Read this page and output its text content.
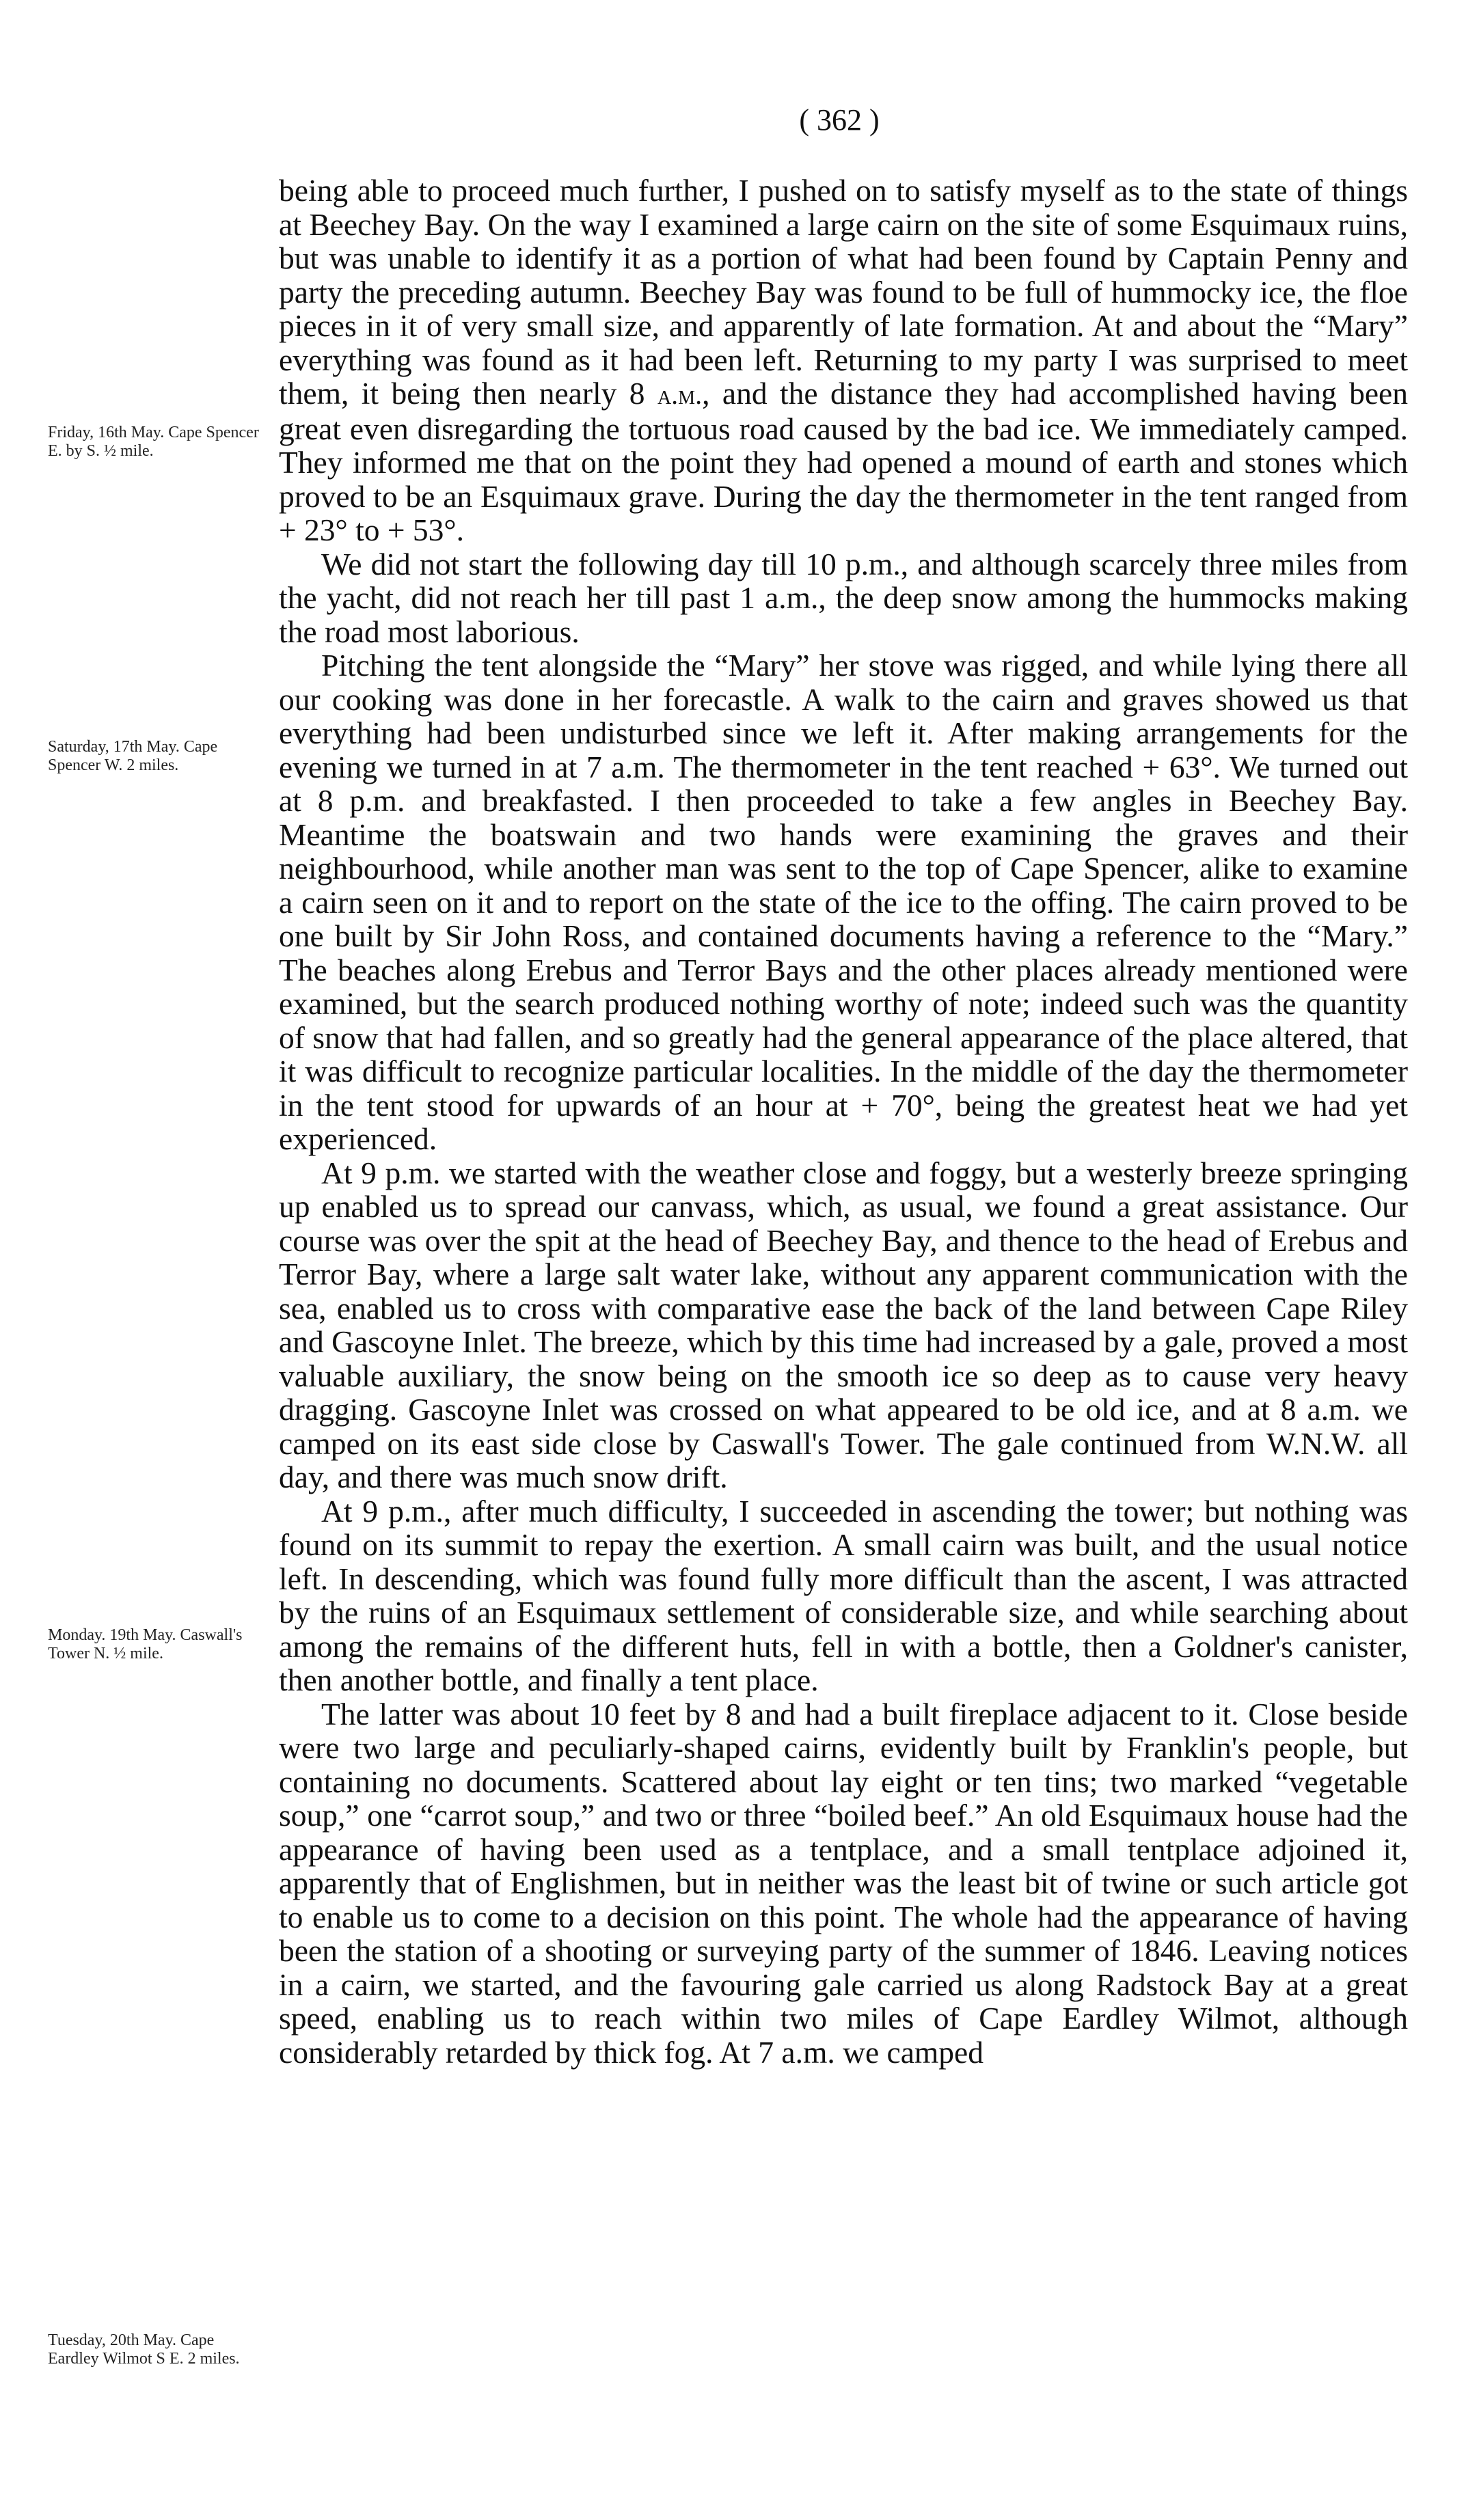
( 362 )
Friday, 16th May. Cape Spencer E. by S. ½ mile.
Saturday, 17th May. Cape Spencer W. 2 miles.
Monday. 19th May. Caswall's Tower N. ½ mile.
Tuesday, 20th May. Cape Eardley Wilmot S E. 2 miles.

being able to proceed much further, I pushed on to satisfy myself as to the state of things at Beechey Bay. On the way I examined a large cairn on the site of some Esquimaux ruins, but was unable to identify it as a portion of what had been found by Captain Penny and party the preceding autumn. Beechey Bay was found to be full of hummocky ice, the floe pieces in it of very small size, and apparently of late formation. At and about the “Mary” everything was found as it had been left. Returning to my party I was surprised to meet them, it being then nearly 8 a.m., and the distance they had accomplished having been great even disregarding the tortuous road caused by the bad ice. We immediately camped. They informed me that on the point they had opened a mound of earth and stones which proved to be an Esquimaux grave. During the day the thermometer in the tent ranged from + 23° to + 53°.

We did not start the following day till 10 p.m., and although scarcely three miles from the yacht, did not reach her till past 1 a.m., the deep snow among the hummocks making the road most laborious.

Pitching the tent alongside the “Mary” her stove was rigged, and while lying there all our cooking was done in her forecastle. A walk to the cairn and graves showed us that everything had been undisturbed since we left it. After making arrangements for the evening we turned in at 7 a.m. The thermometer in the tent reached + 63°. We turned out at 8 p.m. and breakfasted. I then proceeded to take a few angles in Beechey Bay. Meantime the boatswain and two hands were examining the graves and their neighbourhood, while another man was sent to the top of Cape Spencer, alike to examine a cairn seen on it and to report on the state of the ice to the offing. The cairn proved to be one built by Sir John Ross, and contained documents having a reference to the “Mary.” The beaches along Erebus and Terror Bays and the other places already mentioned were examined, but the search produced nothing worthy of note; indeed such was the quantity of snow that had fallen, and so greatly had the general appearance of the place altered, that it was difficult to recognize particular localities. In the middle of the day the thermometer in the tent stood for upwards of an hour at + 70°, being the greatest heat we had yet experienced.

At 9 p.m. we started with the weather close and foggy, but a westerly breeze springing up enabled us to spread our canvass, which, as usual, we found a great assistance. Our course was over the spit at the head of Beechey Bay, and thence to the head of Erebus and Terror Bay, where a large salt water lake, without any apparent communication with the sea, enabled us to cross with comparative ease the back of the land between Cape Riley and Gascoyne Inlet. The breeze, which by this time had increased by a gale, proved a most valuable auxiliary, the snow being on the smooth ice so deep as to cause very heavy dragging. Gascoyne Inlet was crossed on what appeared to be old ice, and at 8 a.m. we camped on its east side close by Caswall's Tower. The gale continued from W.N.W. all day, and there was much snow drift.

At 9 p.m., after much difficulty, I succeeded in ascending the tower; but nothing was found on its summit to repay the exertion. A small cairn was built, and the usual notice left. In descending, which was found fully more difficult than the ascent, I was attracted by the ruins of an Esquimaux settlement of considerable size, and while searching about among the remains of the different huts, fell in with a bottle, then a Goldner's canister, then another bottle, and finally a tent place.

The latter was about 10 feet by 8 and had a built fireplace adjacent to it. Close beside were two large and peculiarly-shaped cairns, evidently built by Franklin's people, but containing no documents. Scattered about lay eight or ten tins; two marked “vegetable soup,” one “carrot soup,” and two or three “boiled beef.” An old Esquimaux house had the appearance of having been used as a tentplace, and a small tentplace adjoined it, apparently that of Englishmen, but in neither was the least bit of twine or such article got to enable us to come to a decision on this point. The whole had the appearance of having been the station of a shooting or surveying party of the summer of 1846. Leaving notices in a cairn, we started, and the favouring gale carried us along Radstock Bay at a great speed, enabling us to reach within two miles of Cape Eardley Wilmot, although considerably retarded by thick fog. At 7 a.m. we camped
